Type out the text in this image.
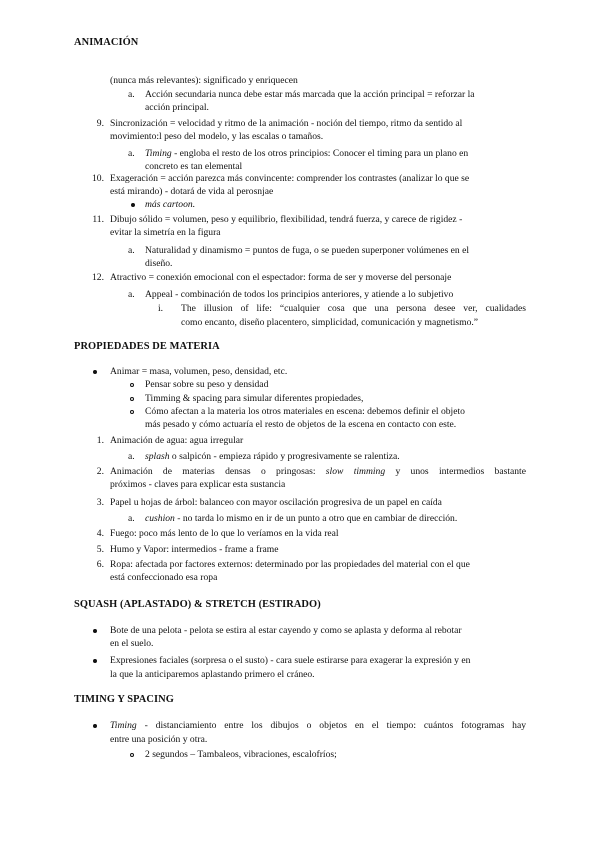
ANIMACIÓN
(nunca más relevantes): significado y enriquecen
a. Acción secundaria nunca debe estar más marcada que la acción principal = reforzar la
acción principal.
9. Sincronización = velocidad y ritmo de la animación - noción del tiempo, ritmo da sentido al
movimiento:l peso del modelo, y las escalas o tamaños.
a. Timing - engloba el resto de los otros principios: Conocer el timing para un plano en
concreto es tan elemental
10. Exageración = acción parezca más convincente: comprender los contrastes (analizar lo que se
está mirando) - dotará de vida al perosnjae
más cartoon.
11. Dibujo sólido = volumen, peso y equilibrio, flexibilidad, tendrá fuerza, y carece de rigidez -
evitar la simetría en la figura
a. Naturalidad y dinamismo = puntos de fuga, o se pueden superponer volúmenes en el
diseño.
12. Atractivo = conexión emocional con el espectador: forma de ser y moverse del personaje
a. Appeal - combinación de todos los principios anteriores, y atiende a lo subjetivo
i. The illusion of life: “cualquier cosa que una persona desee ver, cualidades
como encanto, diseño placentero, simplicidad, comunicación y magnetismo.”
PROPIEDADES DE MATERIA
Animar = masa, volumen, peso, densidad, etc.
Pensar sobre su peso y densidad
Timming & spacing para simular diferentes propiedades,
Cómo afectan a la materia los otros materiales en escena: debemos definir el objeto
más pesado y cómo actuaría el resto de objetos de la escena en contacto con este.
1. Animación de agua: agua irregular
a. splash o salpicón - empieza rápido y progresivamente se ralentiza.
2. Animación de materias densas o pringosas: slow timming y unos intermedios bastante
próximos - claves para explicar esta sustancia
3. Papel u hojas de árbol: balanceo con mayor oscilación progresiva de un papel en caída
a. cushion - no tarda lo mismo en ir de un punto a otro que en cambiar de dirección.
4. Fuego: poco más lento de lo que lo veríamos en la vida real
5. Humo y Vapor: intermedios - frame a frame
6. Ropa: afectada por factores externos: determinado por las propiedades del material con el que
está confeccionado esa ropa
SQUASH (APLASTADO) & STRETCH (ESTIRADO)
Bote de una pelota - pelota se estira al estar cayendo y como se aplasta y deforma al rebotar
en el suelo.
Expresiones faciales (sorpresa o el susto) - cara suele estirarse para exagerar la expresión y en
la que la anticiparemos aplastando primero el cráneo.
TIMING Y SPACING
Timing - distanciamiento entre los dibujos o objetos en el tiempo: cuántos fotogramas hay
entre una posición y otra.
2 segundos – Tambaleos, vibraciones, escalofríos;
